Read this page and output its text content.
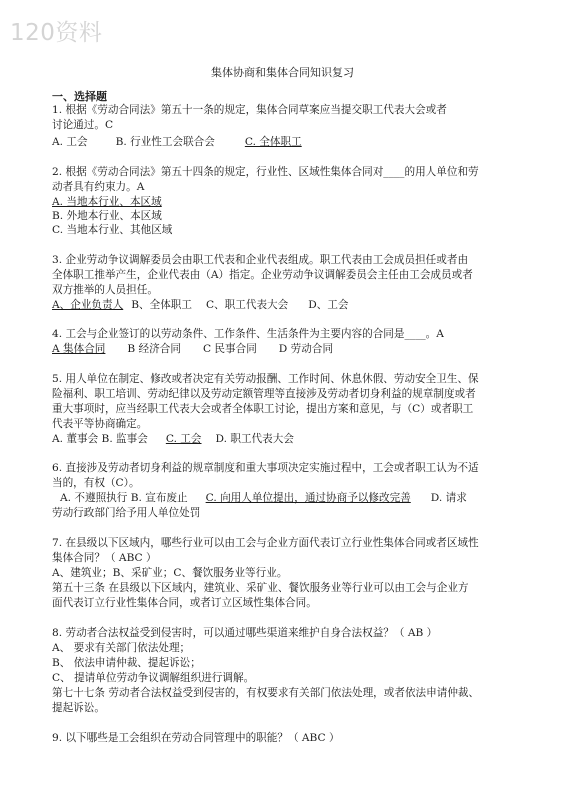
120资料
集体协商和集体合同知识复习
一、选择题
1. 根据《劳动合同法》第五十一条的规定，集体合同草案应当提交职工代表大会或者
讨论通过。C
A. 工会	B. 行业性工会联合会	C. 全体职工
2. 根据《劳动合同法》第五十四条的规定，行业性、区域性集体合同对____的用人单位和劳
动者具有约束力。A
A. 当地本行业、本区域
B. 外地本行业、本区域
C. 当地本行业、其他区域
3. 企业劳动争议调解委员会由职工代表和企业代表组成。职工代表由工会成员担任或者由
全体职工推举产生，企业代表由（A）指定。企业劳动争议调解委员会主任由工会成员或者
双方推举的人员担任。
A、企业负责人 B、全体职工 C、职工代表大会 D、工会
4. 工会与企业签订的以劳动条件、工作条件、生活条件为主要内容的合同是____。A
A 集体合同 B 经济合同 C 民事合同 D 劳动合同
5. 用人单位在制定、修改或者决定有关劳动报酬、工作时间、休息休假、劳动安全卫生、保
险福利、职工培训、劳动纪律以及劳动定额管理等直接涉及劳动者切身利益的规章制度或者
重大事项时，应当经职工代表大会或者全体职工讨论，提出方案和意见，与（C）或者职工
代表平等协商确定。
A. 董事会 B. 监事会 C. 工会 D. 职工代表大会
6. 直接涉及劳动者切身利益的规章制度和重大事项决定实施过程中，工会或者职工认为不适
当的，有权（C）。
A. 不遵照执行 B. 宣布废止 C. 向用人单位提出，通过协商予以修改完善 D. 请求
劳动行政部门给予用人单位处罚
7. 在县级以下区域内，哪些行业可以由工会与企业方面代表订立行业性集体合同或者区域性
集体合同？（ ABC ）
A、建筑业；B、采矿业；C、餐饮服务业等行业。
第五十三条 在县级以下区域内，建筑业、采矿业、餐饮服务业等行业可以由工会与企业方
面代表订立行业性集体合同，或者订立区域性集体合同。
8. 劳动者合法权益受到侵害时，可以通过哪些渠道来维护自身合法权益？（ AB ）
A、 要求有关部门依法处理；
B、 依法申请仲裁、提起诉讼；
C、 提请单位劳动争议调解组织进行调解。
第七十七条 劳动者合法权益受到侵害的，有权要求有关部门依法处理，或者依法申请仲裁、
提起诉讼。
9. 以下哪些是工会组织在劳动合同管理中的职能？（ ABC ）
